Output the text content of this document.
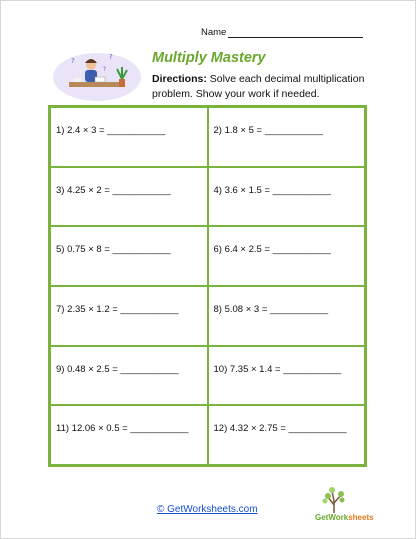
Name
?	?
?
Multiply Mastery
Directions: Solve each decimal multiplication problem. Show your work if needed.
1) 2.4 × 3 = ___________	2) 1.8 × 5 = ___________
3) 4.25 × 2 = ___________	4) 3.6 × 1.5 = ___________
5) 0.75 × 8 = ___________	6) 6.4 × 2.5 = ___________
7) 2.35 × 1.2 = ___________	8) 5.08 × 3 = ___________
9) 0.48 × 2.5 = ___________	10) 7.35 × 1.4 = ___________
11) 12.06 × 0.5 = ___________	12) 4.32 × 2.75 = ___________
© GetWorksheets.com
GetWorksheets
